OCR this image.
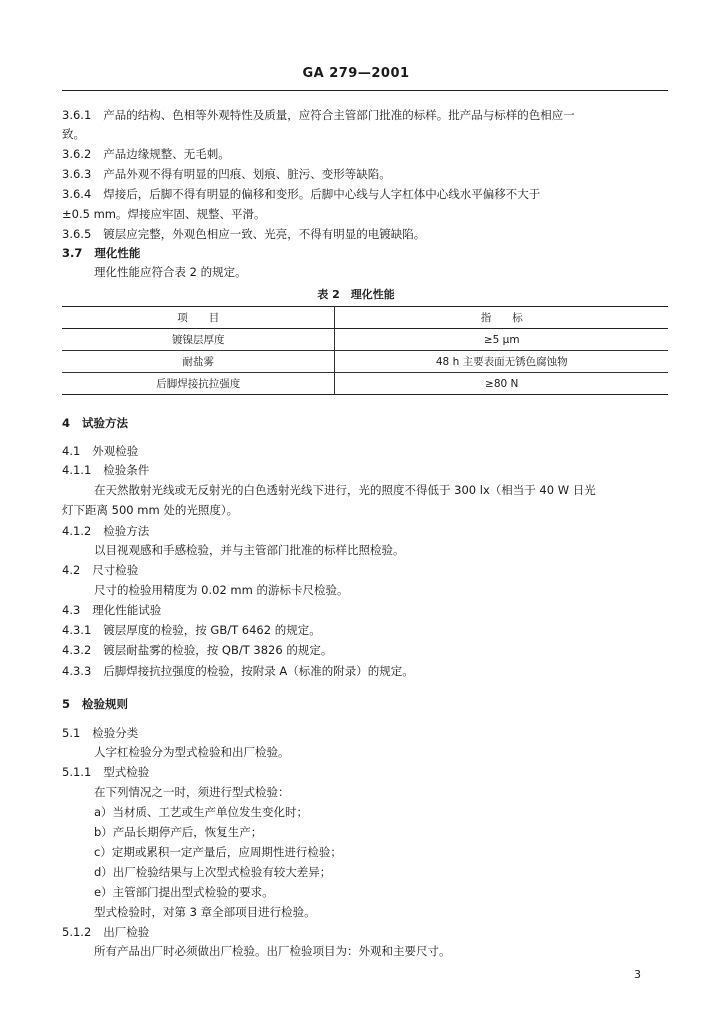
GA 279—2001
3.6.1 产品的结构、色相等外观特性及质量，应符合主管部门批准的标样。批产品与标样的色相应一
致。
3.6.2 产品边缘规整、无毛刺。
3.6.3 产品外观不得有明显的凹痕、划痕、脏污、变形等缺陷。
3.6.4 焊接后，后脚不得有明显的偏移和变形。后脚中心线与人字杠体中心线水平偏移不大于
±0.5 mm。焊接应牢固、规整、平滑。
3.6.5 镀层应完整，外观色相应一致、光亮，不得有明显的电镀缺陷。
3.7 理化性能
理化性能应符合表 2 的规定。
表 2　理化性能
项　　目	指　　标
镀镍层厚度	≥5 μm
耐盐雾	48 h 主要表面无锈色腐蚀物
后脚焊接抗拉强度	≥80 N
4 试验方法
4.1 外观检验
4.1.1 检验条件
在天然散射光线或无反射光的白色透射光线下进行，光的照度不得低于 300 lx（相当于 40 W 日光
灯下距离 500 mm 处的光照度）。
4.1.2 检验方法
以目视观感和手感检验，并与主管部门批准的标样比照检验。
4.2 尺寸检验
尺寸的检验用精度为 0.02 mm 的游标卡尺检验。
4.3 理化性能试验
4.3.1 镀层厚度的检验，按 GB/T 6462 的规定。
4.3.2 镀层耐盐雾的检验，按 QB/T 3826 的规定。
4.3.3 后脚焊接抗拉强度的检验，按附录 A（标准的附录）的规定。
5 检验规则
5.1 检验分类
人字杠检验分为型式检验和出厂检验。
5.1.1 型式检验
在下列情况之一时，须进行型式检验：
a）当材质、工艺或生产单位发生变化时；
b）产品长期停产后，恢复生产；
c）定期或累积一定产量后，应周期性进行检验；
d）出厂检验结果与上次型式检验有较大差异；
e）主管部门提出型式检验的要求。
型式检验时，对第 3 章全部项目进行检验。
5.1.2 出厂检验
所有产品出厂时必须做出厂检验。出厂检验项目为：外观和主要尺寸。
3
